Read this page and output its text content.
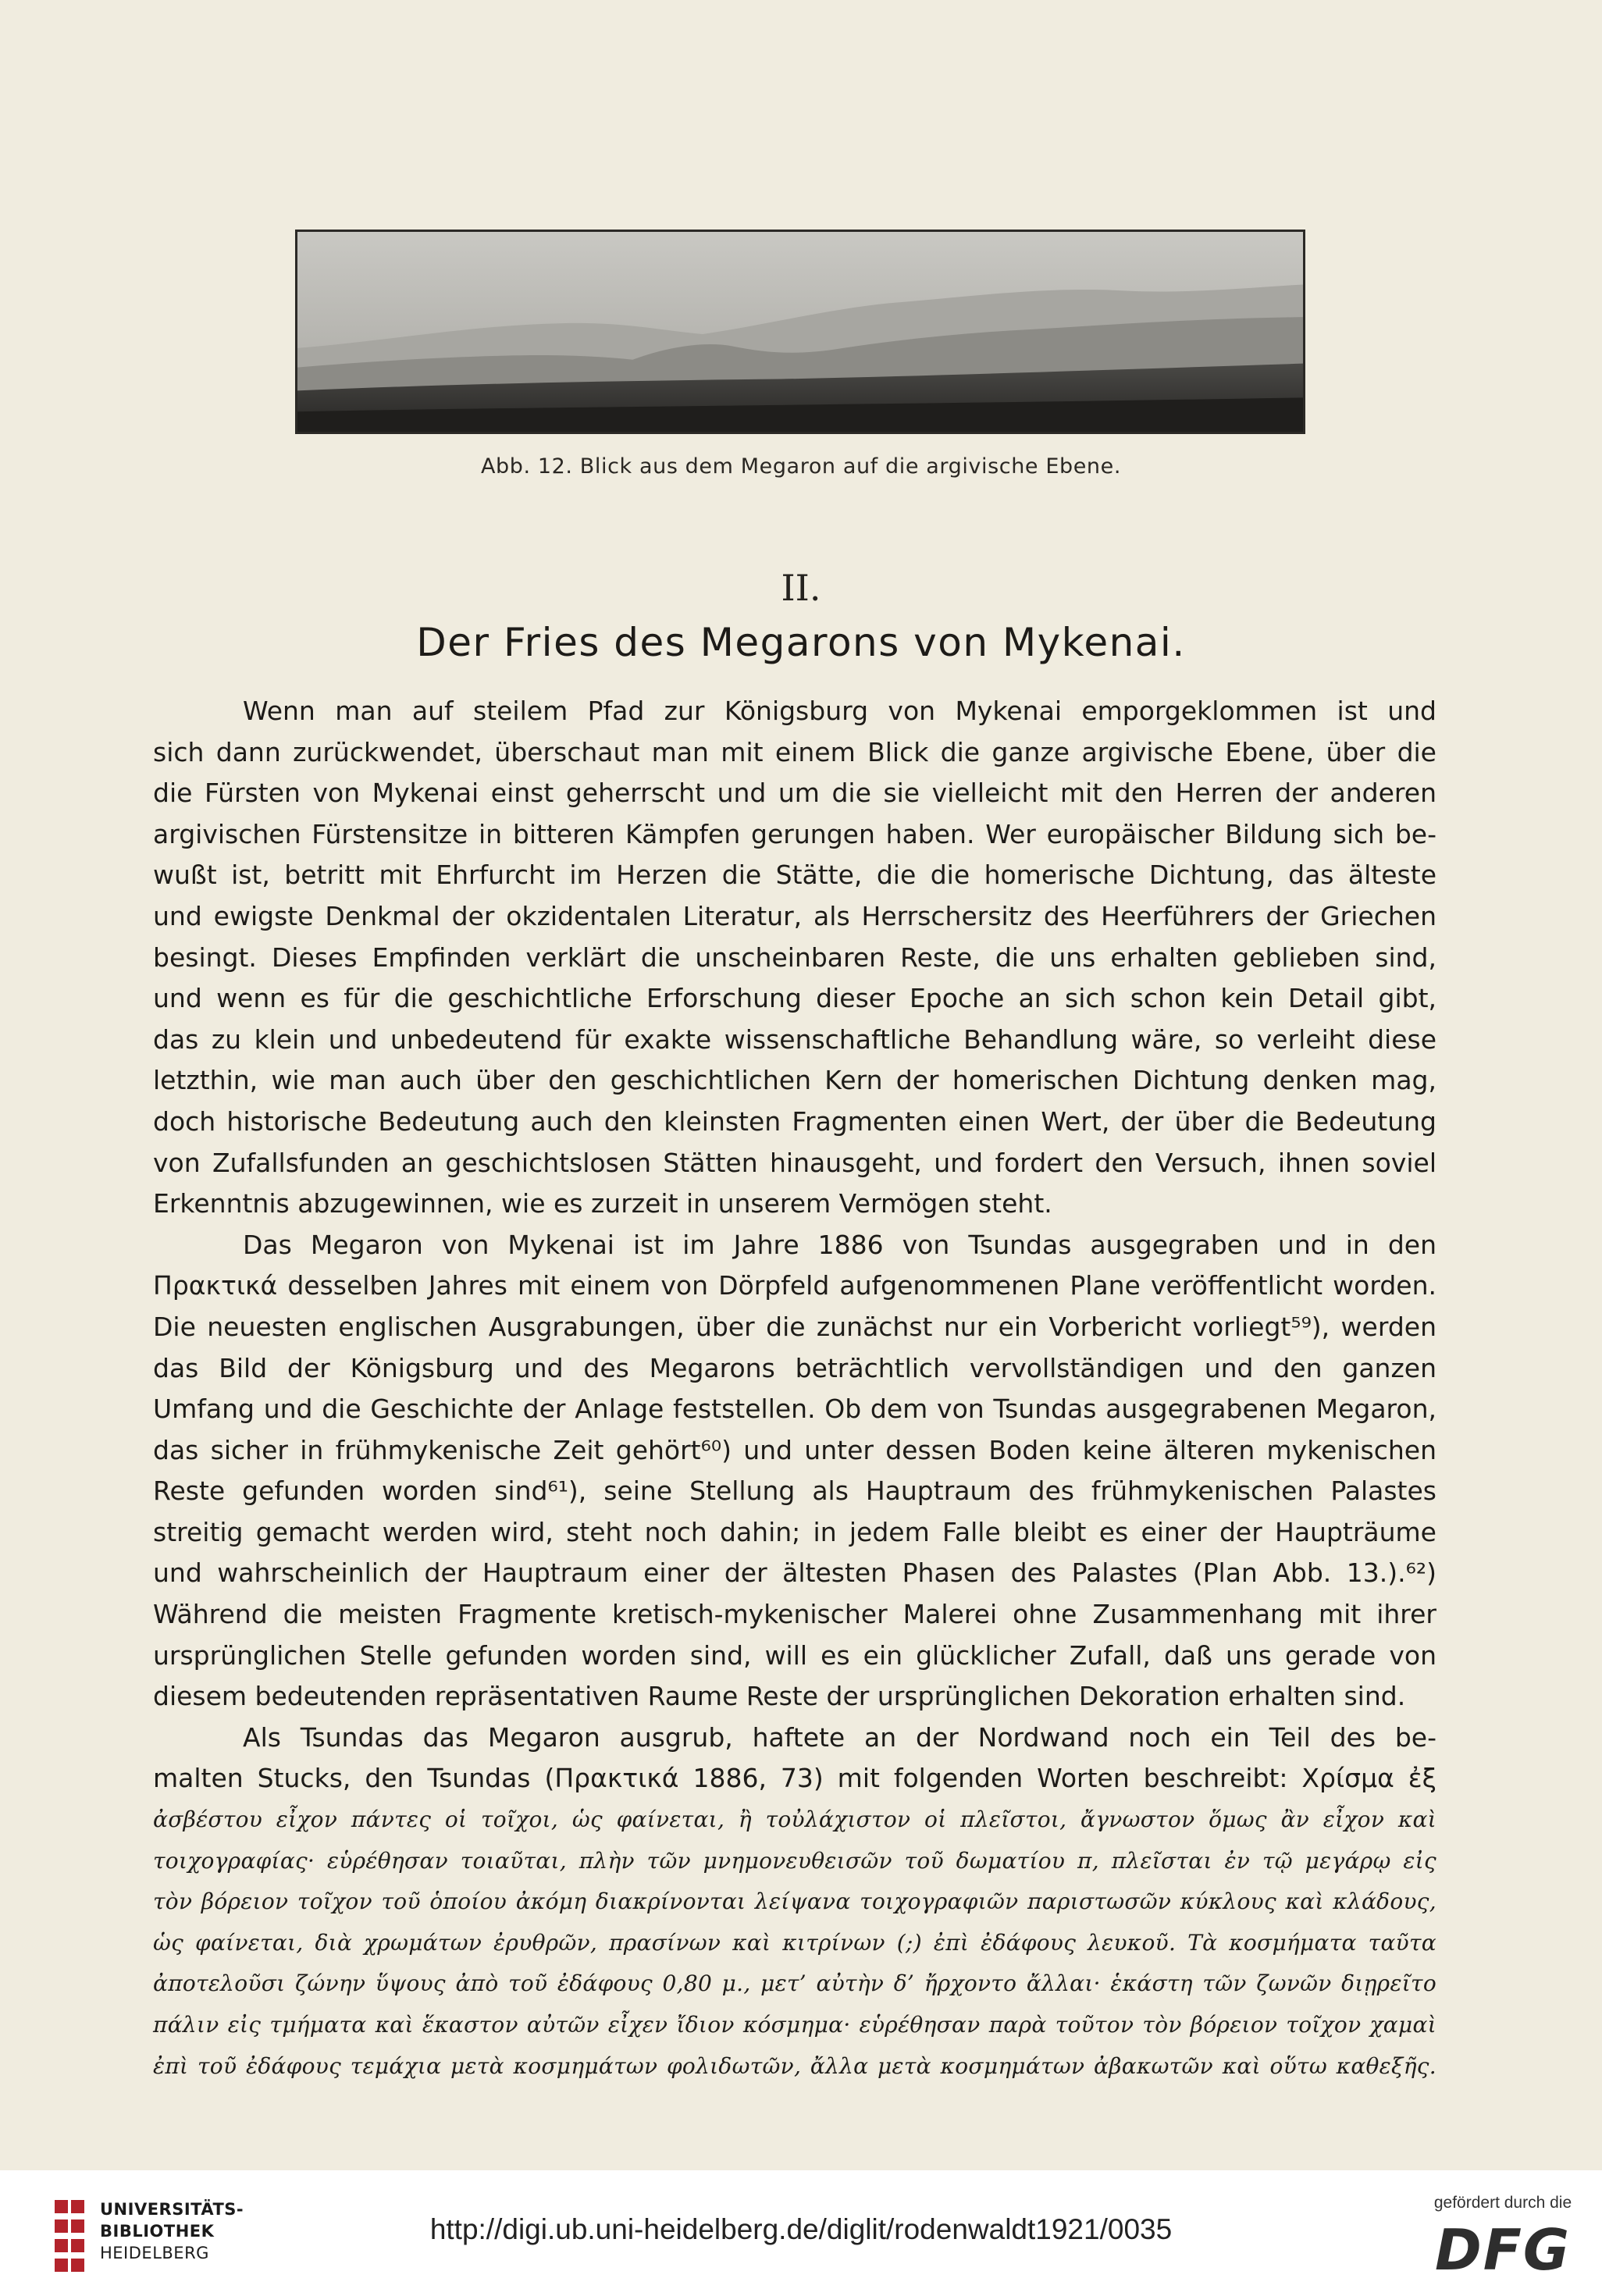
Abb. 12. Blick aus dem Megaron auf die argivische Ebene.
II.
Der Fries des Megarons von Mykenai.
Wenn man auf steilem Pfad zur Königsburg von Mykenai emporgeklommen ist und
sich dann zurückwendet, überschaut man mit einem Blick die ganze argivische Ebene, über die
die Fürsten von Mykenai einst geherrscht und um die sie vielleicht mit den Herren der anderen
argivischen Fürstensitze in bitteren Kämpfen gerungen haben. Wer europäischer Bildung sich be-
wußt ist, betritt mit Ehrfurcht im Herzen die Stätte, die die homerische Dichtung, das älteste
und ewigste Denkmal der okzidentalen Literatur, als Herrschersitz des Heerführers der Griechen
besingt. Dieses Empfinden verklärt die unscheinbaren Reste, die uns erhalten geblieben sind,
und wenn es für die geschichtliche Erforschung dieser Epoche an sich schon kein Detail gibt,
das zu klein und unbedeutend für exakte wissenschaftliche Behandlung wäre, so verleiht diese
letzthin, wie man auch über den geschichtlichen Kern der homerischen Dichtung denken mag,
doch historische Bedeutung auch den kleinsten Fragmenten einen Wert, der über die Bedeutung
von Zufallsfunden an geschichtslosen Stätten hinausgeht, und fordert den Versuch, ihnen soviel
Erkenntnis abzugewinnen, wie es zurzeit in unserem Vermögen steht.
Das Megaron von Mykenai ist im Jahre 1886 von Tsundas ausgegraben und in den
Πρακτικά desselben Jahres mit einem von Dörpfeld aufgenommenen Plane veröffentlicht worden.
Die neuesten englischen Ausgrabungen, über die zunächst nur ein Vorbericht vorliegt⁵⁹), werden
das Bild der Königsburg und des Megarons beträchtlich vervollständigen und den ganzen
Umfang und die Geschichte der Anlage feststellen. Ob dem von Tsundas ausgegrabenen Megaron,
das sicher in frühmykenische Zeit gehört⁶⁰) und unter dessen Boden keine älteren mykenischen
Reste gefunden worden sind⁶¹), seine Stellung als Hauptraum des frühmykenischen Palastes
streitig gemacht werden wird, steht noch dahin; in jedem Falle bleibt es einer der Haupträume
und wahrscheinlich der Hauptraum einer der ältesten Phasen des Palastes (Plan Abb. 13.).⁶²)
Während die meisten Fragmente kretisch-mykenischer Malerei ohne Zusammenhang mit ihrer
ursprünglichen Stelle gefunden worden sind, will es ein glücklicher Zufall, daß uns gerade von
diesem bedeutenden repräsentativen Raume Reste der ursprünglichen Dekoration erhalten sind.
Als Tsundas das Megaron ausgrub, haftete an der Nordwand noch ein Teil des be-
malten Stucks, den Tsundas (Πρακτικά 1886, 73) mit folgenden Worten beschreibt: Χρίσμα ἐξ
ἀσβέστου εἶχον πάντες οἱ τοῖχοι, ὡς φαίνεται, ἢ τοὐλάχιστον οἱ πλεῖστοι, ἄγνωστον ὅμως ἂν εἶχον καὶ
τοιχογραφίας· εὑρέθησαν τοιαῦται, πλὴν τῶν μνημονευθεισῶν τοῦ δωματίου π, πλεῖσται ἐν τῷ μεγάρῳ εἰς
τὸν βόρειον τοῖχον τοῦ ὁποίου ἀκόμη διακρίνονται λείψανα τοιχογραφιῶν παριστωσῶν κύκλους καὶ κλάδους,
ὡς φαίνεται, διὰ χρωμάτων ἐρυθρῶν, πρασίνων καὶ κιτρίνων (;) ἐπὶ ἐδάφους λευκοῦ. Τὰ κοσμήματα ταῦτα
ἀποτελοῦσι ζώνην ὕψους ἀπὸ τοῦ ἐδάφους 0,80 μ., μετ’ αὐτὴν δ’ ἤρχοντο ἄλλαι· ἑκάστη τῶν ζωνῶν διῃρεῖτο
πάλιν εἰς τμήματα καὶ ἕκαστον αὐτῶν εἶχεν ἴδιον κόσμημα· εὑρέθησαν παρὰ τοῦτον τὸν βόρειον τοῖχον χαμαὶ
ἐπὶ τοῦ ἐδάφους τεμάχια μετὰ κοσμημάτων φολιδωτῶν, ἄλλα μετὰ κοσμημάτων ἀβακωτῶν καὶ οὕτω καθεξῆς.
UNIVERSITÄTS-
BIBLIOTHEK
HEIDELBERG
http://digi.ub.uni-heidelberg.de/diglit/rodenwaldt1921/0035
gefördert durch die
DFG
